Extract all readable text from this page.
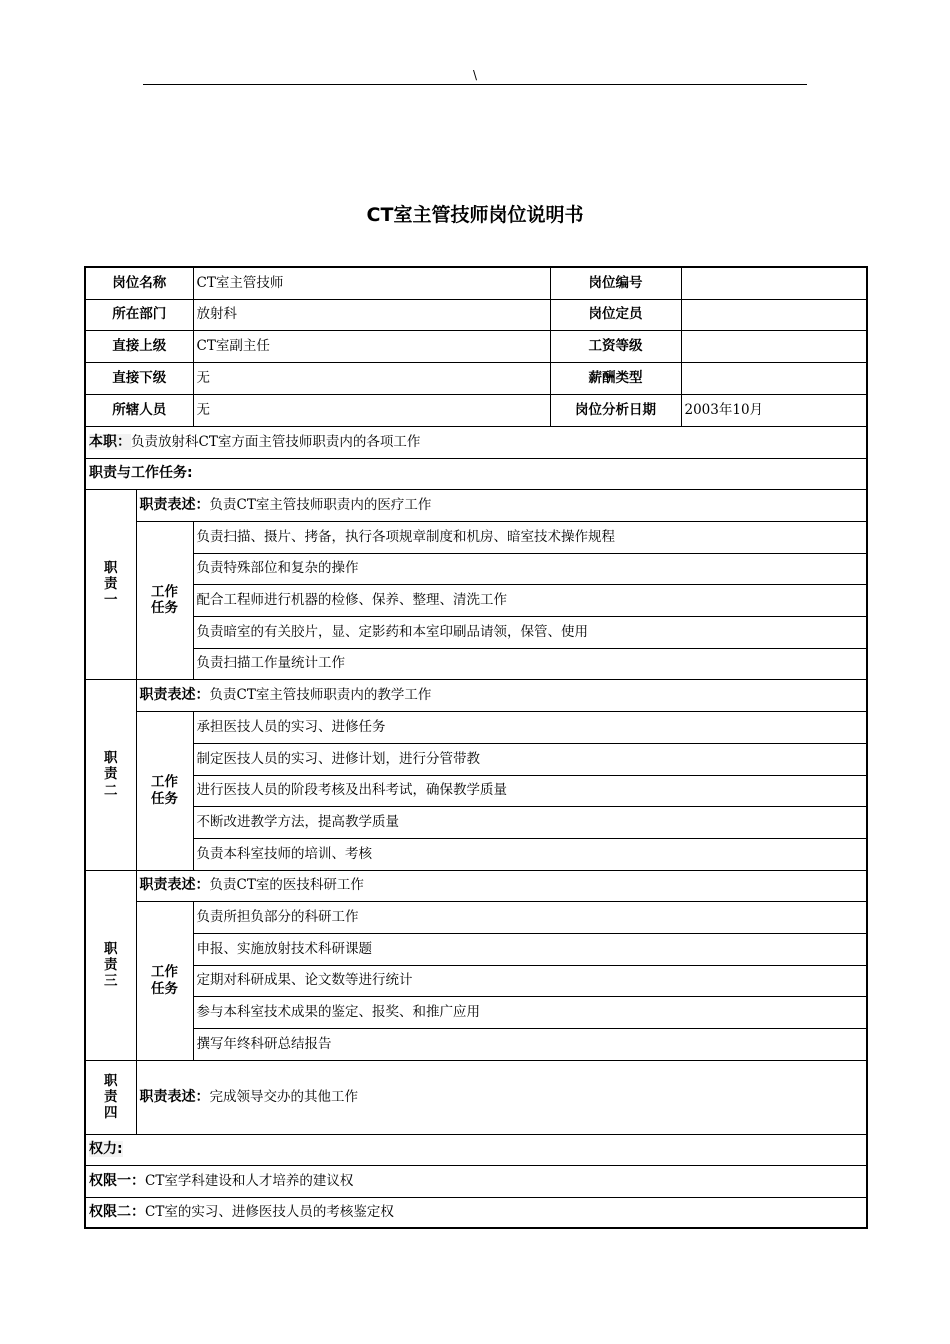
\
CT室主管技师岗位说明书
岗位名称		CT室主管技师	岗位编号	
所在部门		放射科	岗位定员	
直接上级		CT室副主任	工资等级	
直接下级		无	薪酬类型	
所辖人员		无	岗位分析日期	2003年10月
本职：负责放射科CT室方面主管技师职责内的各项工作				
职责与工作任务:				

职
责
一	职责表述：负责CT室主管技师职责内的医疗工作			

	工作
任务	负责扫描、摄片、拷备，执行各项规章制度和机房、暗室技术操作规程		
		负责特殊部位和复杂的操作		
		配合工程师进行机器的检修、保养、整理、清洗工作		
		负责暗室的有关胶片，显、定影药和本室印刷品请领，保管、使用		
		负责扫描工作量统计工作		

职
责
二	职责表述：负责CT室主管技师职责内的教学工作			

	工作
任务	承担医技人员的实习、进修任务		
		制定医技人员的实习、进修计划，进行分管带教		
		进行医技人员的阶段考核及出科考试，确保教学质量		
		不断改进教学方法，提高教学质量		
		负责本科室技师的培训、考核		

职
责
三	职责表述：负责CT室的医技科研工作			

	工作
任务	负责所担负部分的科研工作		
		申报、实施放射技术科研课题		
		定期对科研成果、论文数等进行统计		
		参与本科室技术成果的鉴定、报奖、和推广应用		
		撰写年终科研总结报告		

职
责
四	职责表述：完成领导交办的其他工作			
权力:				
权限一：CT室学科建设和人才培养的建议权				
权限二：CT室的实习、进修医技人员的考核鉴定权				
